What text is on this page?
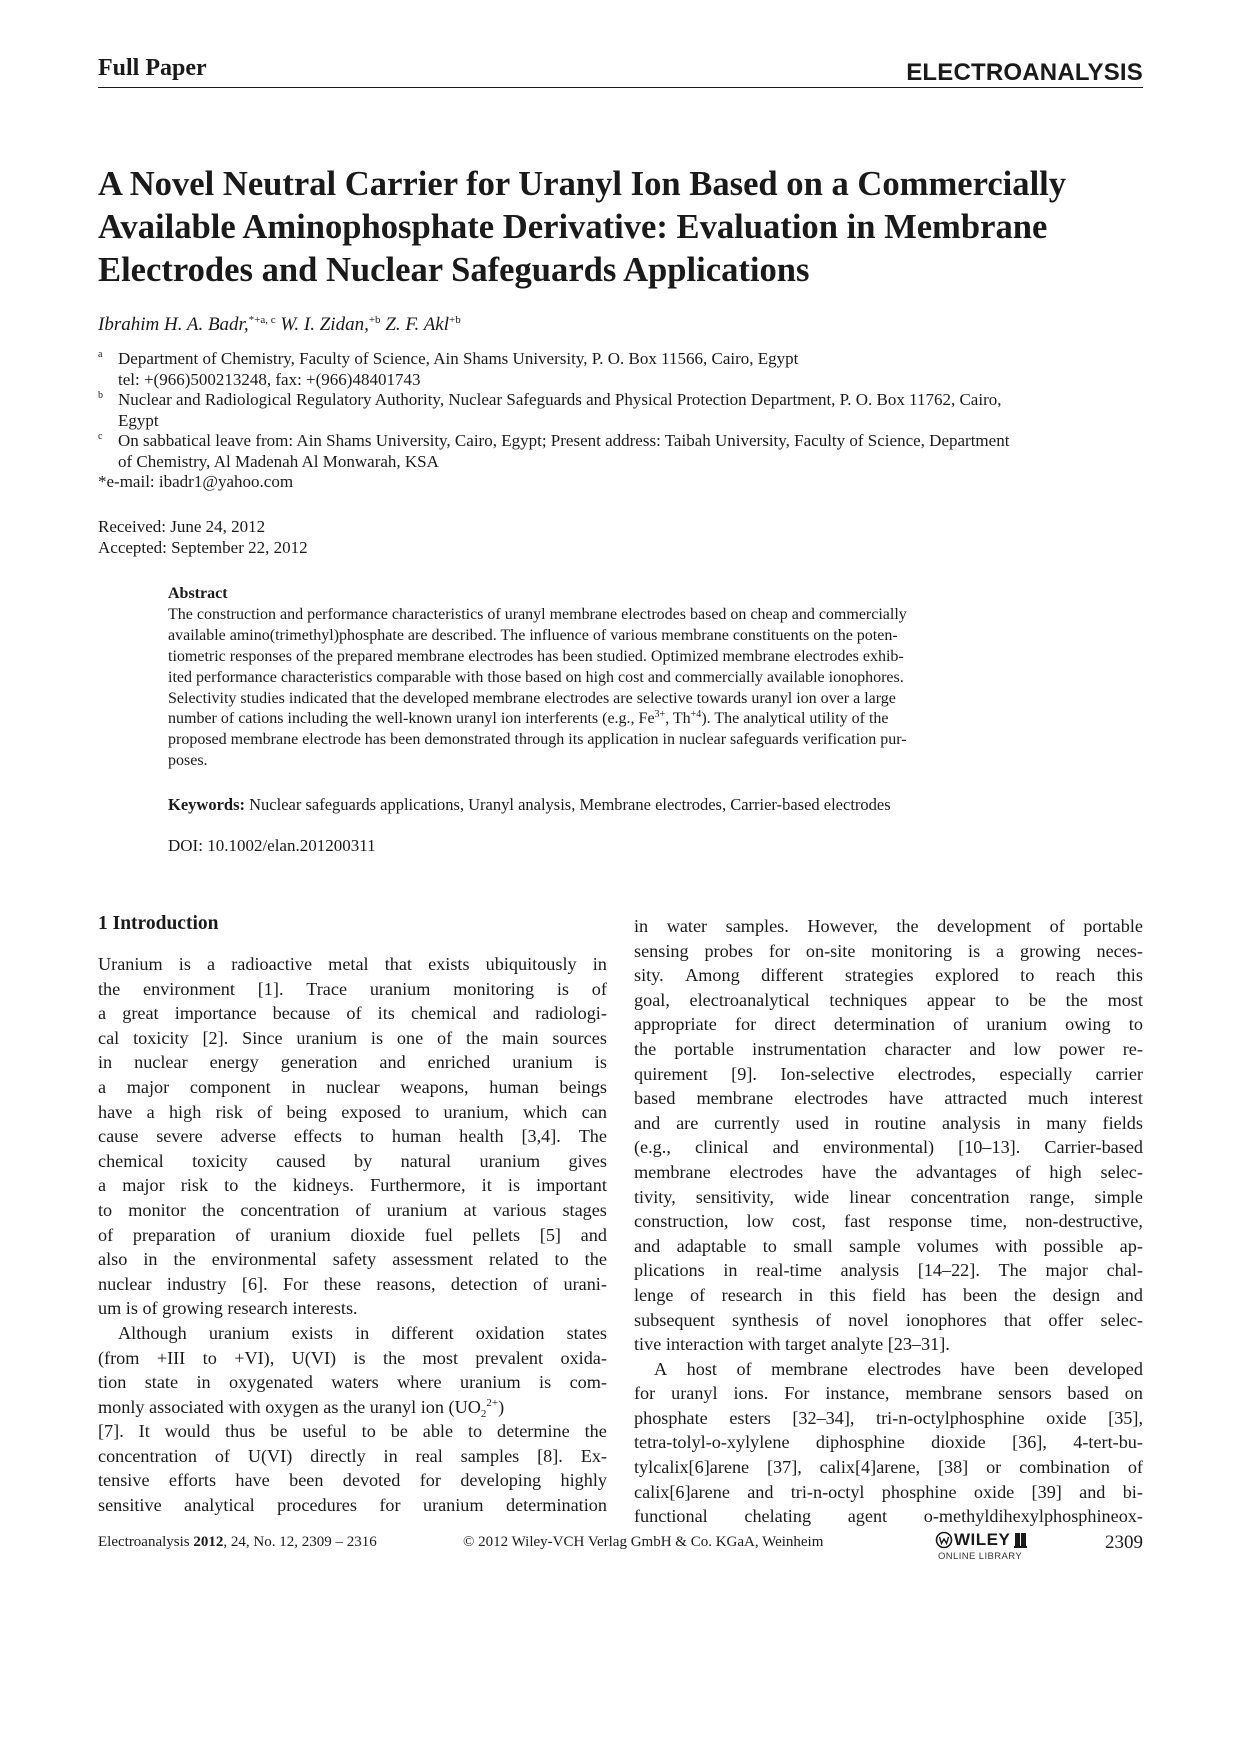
Full Paper	ELECTROANALYSIS
A Novel Neutral Carrier for Uranyl Ion Based on a Commercially
Available Aminophosphate Derivative: Evaluation in Membrane
Electrodes and Nuclear Safeguards Applications
Ibrahim H. A. Badr,$^{*+a, c}$ W. I. Zidan,$^{+b}$ Z. F. Akl$^{+b}$
a Department of Chemistry, Faculty of Science, Ain Shams University, P. O. Box 11566, Cairo, Egypt
tel: +(966)500213248, fax: +(966)48401743
b Nuclear and Radiological Regulatory Authority, Nuclear Safeguards and Physical Protection Department, P. O. Box 11762, Cairo,
Egypt
c On sabbatical leave from: Ain Shams University, Cairo, Egypt; Present address: Taibah University, Faculty of Science, Department
of Chemistry, Al Madenah Al Monwarah, KSA
*e-mail: ibadr1@yahoo.com
Received: June 24, 2012
Accepted: September 22, 2012
Abstract
The construction and performance characteristics of uranyl membrane electrodes based on cheap and commercially
available amino(trimethyl)phosphate are described. The influence of various membrane constituents on the poten-
tiometric responses of the prepared membrane electrodes has been studied. Optimized membrane electrodes exhib-
ited performance characteristics comparable with those based on high cost and commercially available ionophores.
Selectivity studies indicated that the developed membrane electrodes are selective towards uranyl ion over a large
number of cations including the well-known uranyl ion interferents (e.g., $Fe^{3+}$, $Th^{+4}$). The analytical utility of the
proposed membrane electrode has been demonstrated through its application in nuclear safeguards verification pur-
poses.
Keywords: Nuclear safeguards applications, Uranyl analysis, Membrane electrodes, Carrier-based electrodes
DOI: 10.1002/elan.201200311
1 Introduction
Uranium is a radioactive metal that exists ubiquitously in
the environment [1]. Trace uranium monitoring is of
a great importance because of its chemical and radiologi-
cal toxicity [2]. Since uranium is one of the main sources
in nuclear energy generation and enriched uranium is
a major component in nuclear weapons, human beings
have a high risk of being exposed to uranium, which can
cause severe adverse effects to human health [3,4]. The
chemical toxicity caused by natural uranium gives
a major risk to the kidneys. Furthermore, it is important
to monitor the concentration of uranium at various stages
of preparation of uranium dioxide fuel pellets [5] and
also in the environmental safety assessment related to the
nuclear industry [6]. For these reasons, detection of urani-
um is of growing research interests.
Although uranium exists in different oxidation states
(from +III to +VI), U(VI) is the most prevalent oxida-
tion state in oxygenated waters where uranium is com-
monly associated with oxygen as the uranyl ion $(UO_2^{2+})$
[7]. It would thus be useful to be able to determine the
concentration of U(VI) directly in real samples [8]. Ex-
tensive efforts have been devoted for developing highly
sensitive analytical procedures for uranium determination
in water samples. However, the development of portable
sensing probes for on-site monitoring is a growing neces-
sity. Among different strategies explored to reach this
goal, electroanalytical techniques appear to be the most
appropriate for direct determination of uranium owing to
the portable instrumentation character and low power re-
quirement [9]. Ion-selective electrodes, especially carrier
based membrane electrodes have attracted much interest
and are currently used in routine analysis in many fields
(e.g., clinical and environmental) [10–13]. Carrier-based
membrane electrodes have the advantages of high selec-
tivity, sensitivity, wide linear concentration range, simple
construction, low cost, fast response time, non-destructive,
and adaptable to small sample volumes with possible ap-
plications in real-time analysis [14–22]. The major chal-
lenge of research in this field has been the design and
subsequent synthesis of novel ionophores that offer selec-
tive interaction with target analyte [23–31].
A host of membrane electrodes have been developed
for uranyl ions. For instance, membrane sensors based on
phosphate esters [32–34], tri-n-octylphosphine oxide [35],
tetra-tolyl-o-xylylene diphosphine dioxide [36], 4-tert-bu-
tylcalix[6]arene [37], calix[4]arene, [38] or combination of
calix[6]arene and tri-n-octyl phosphine oxide [39] and bi-
functional chelating agent o-methyldihexylphosphineox-
Electroanalysis 2012, 24, No. 12, 2309 – 2316	© 2012 Wiley-VCH Verlag GmbH & Co. KGaA, Weinheim	WILEY
ONLINE LIBRARY
2309
